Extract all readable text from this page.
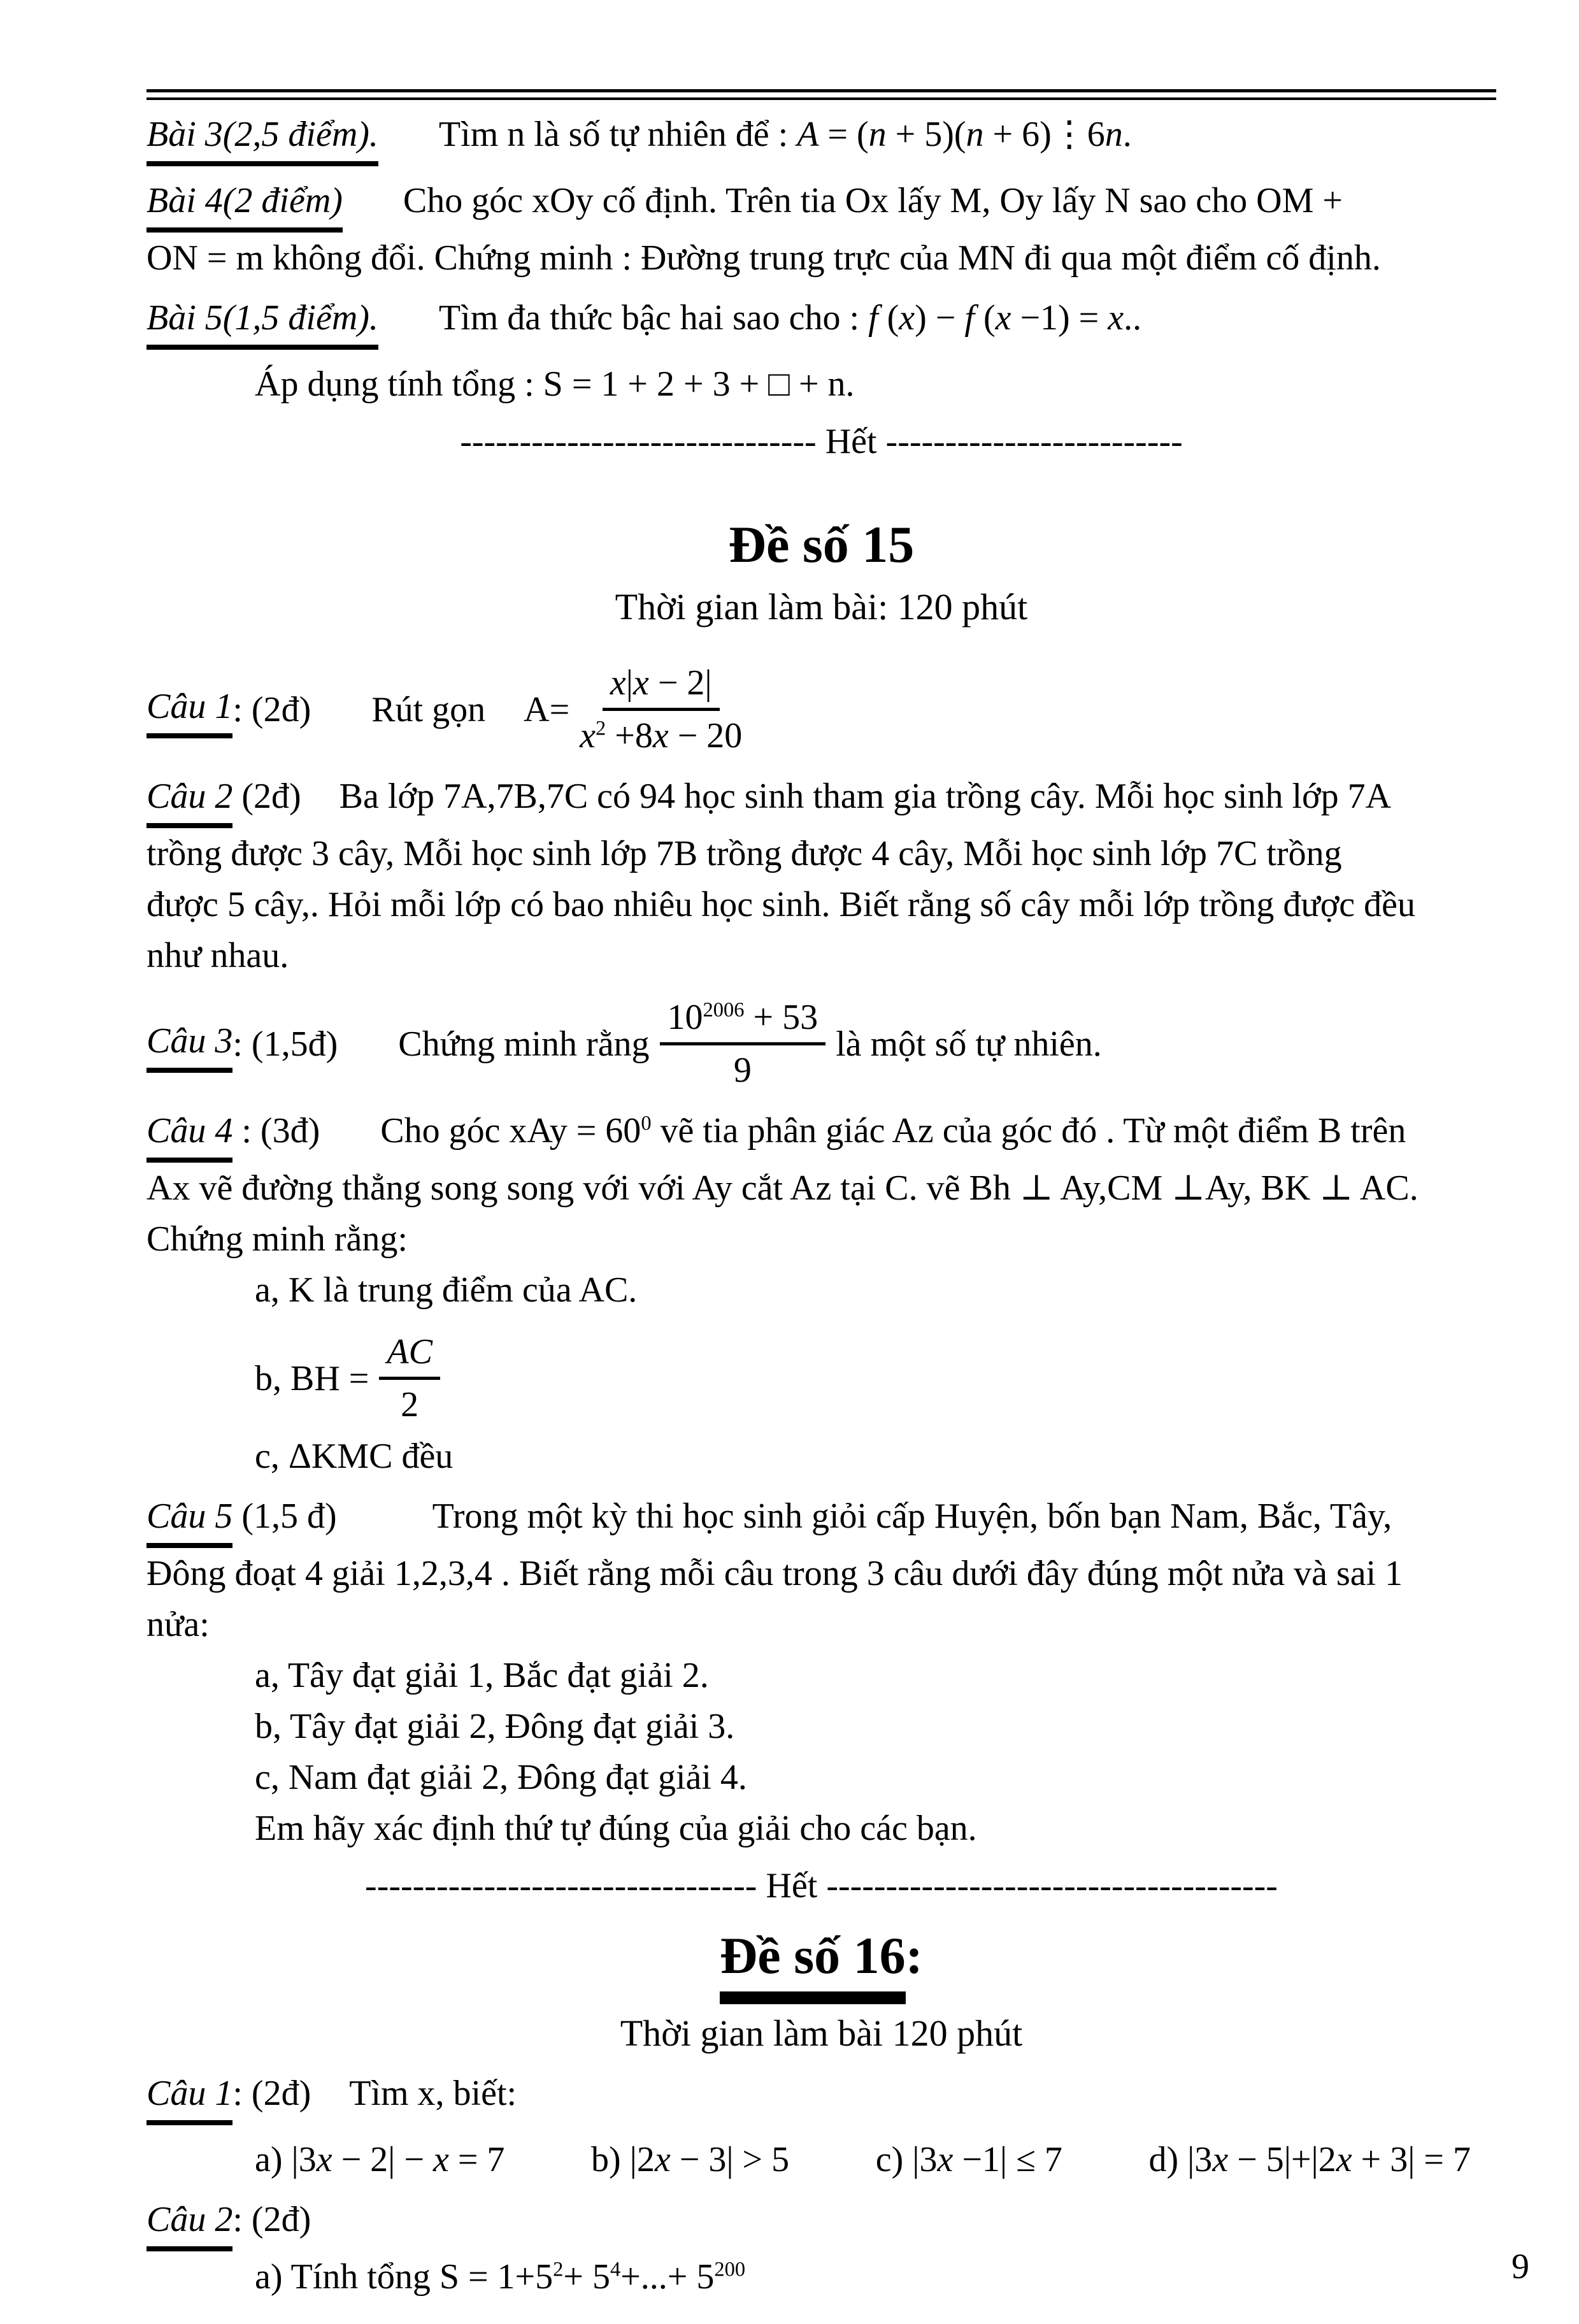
Bài 3(2,5 điểm). Tìm n là số tự nhiên để : A = (n + 5)(n + 6)⋮6n.
Bài 4(2 điểm) Cho góc xOy cố định. Trên tia Ox lấy M, Oy lấy N sao cho OM +
ON = m không đổi. Chứng minh : Đường trung trực của MN đi qua một điểm cố định.
Bài 5(1,5 điểm). Tìm đa thức bậc hai sao cho : f (x) − f (x −1) = x..
Áp dụng tính tổng : S = 1 + 2 + 3 + □ + n.
------------------------------ Hết -------------------------
Đề số 15
Thời gian làm bài: 120 phút
Câu 1 : (2đ) Rút gọn $A= \frac{x|x - 2|}{x^2 +8x - 20}$
Câu 2 (2đ) Ba lớp 7A,7B,7C có 94 học sinh tham gia trồng cây. Mỗi học sinh lớp 7A
trồng được 3 cây, Mỗi học sinh lớp 7B trồng được 4 cây, Mỗi học sinh lớp 7C trồng
được 5 cây,. Hỏi mỗi lớp có bao nhiêu học sinh. Biết rằng số cây mỗi lớp trồng được đều
như nhau.
Câu 3 : (1,5đ) Chứng minh rằng $\frac{10^{2006} + 53}{9}$ là một số tự nhiên.
Câu 4 : (3đ) Cho góc xAy = $60^0$ vẽ tia phân giác Az của góc đó . Từ một điểm B trên
Ax vẽ đường thẳng song song với với Ay cắt Az tại C. vẽ Bh ⊥ Ay,CM ⊥Ay, BK ⊥ AC.
Chứng minh rằng:
a, K là trung điểm của AC.
b, BH = $\frac{AC}{2}$
c, ΔKMC đều
Câu 5 (1,5 đ)	Trong một kỳ thi học sinh giỏi cấp Huyện, bốn bạn Nam, Bắc, Tây,
Đông đoạt 4 giải 1,2,3,4 . Biết rằng mỗi câu trong 3 câu dưới đây đúng một nửa và sai 1
nửa:
a, Tây đạt giải 1, Bắc đạt giải 2.
b, Tây đạt giải 2, Đông đạt giải 3.
c, Nam đạt giải 2, Đông đạt giải 4.
Em hãy xác định thứ tự đúng của giải cho các bạn.
--------------------------------- Hết --------------------------------------
Đề số 16:
Thời gian làm bài 120 phút
Câu 1: (2đ) Tìm x, biết:
a) |3x − 2| − x = 7 b) |2x − 3| > 5 c) |3x −1| ≤ 7 d) |3x − 5|+|2x + 3| = 7
Câu 2: (2đ)
a) Tính tổng $S = 1+5^2+ 5^4+...+ 5^{200}$	9
